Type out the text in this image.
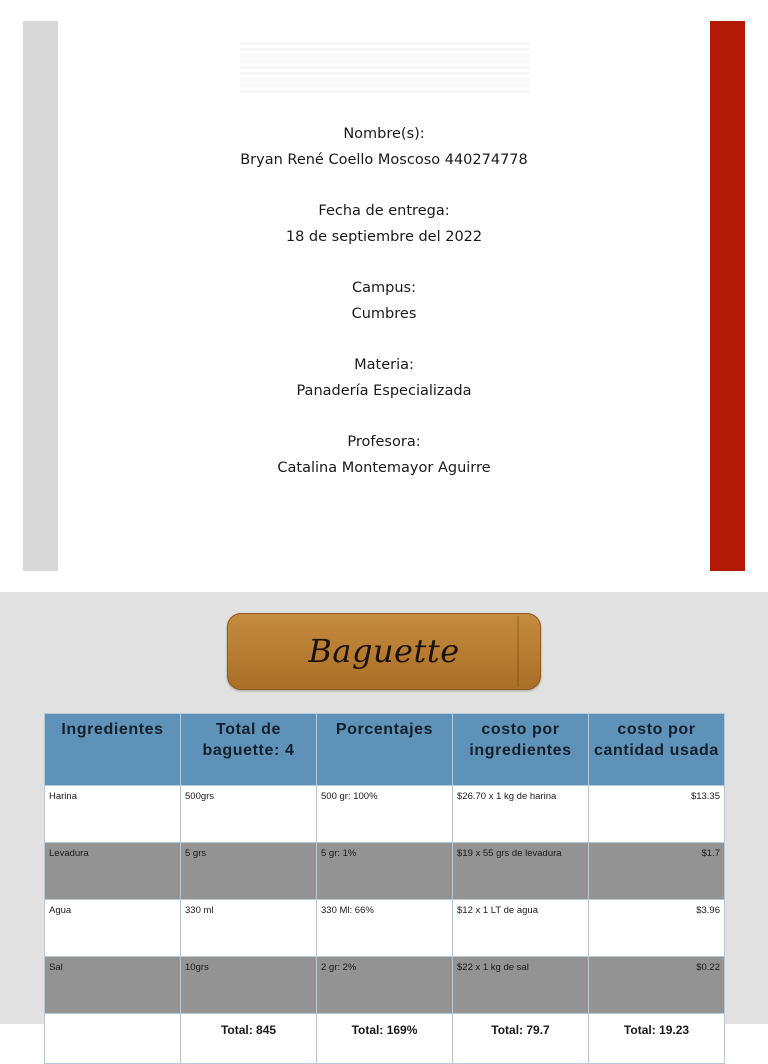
Nombre(s):

Bryan René Coello Moscoso 440274778

Fecha de entrega:

18 de septiembre del 2022

Campus:

Cumbres

Materia:

Panadería Especializada

Profesora:

Catalina Montemayor Aguirre

Baguette
Ingredientes	Total de baguette: 4	Porcentajes	costo por ingredientes	costo por cantidad usada
Harina	500grs	500 gr: 100%	$26.70 x 1 kg de harina	$13.35
Levadura	5 grs	5 gr: 1%	$19 x 55 grs de levadura	$1.7
Agua	330 ml	330 Ml: 66%	$12 x 1 LT de agua	$3.96
Sal	10grs	2 gr: 2%	$22 x 1 kg de sal	$0.22
	Total: 845	Total: 169%	Total: 79.7	Total: 19.23
